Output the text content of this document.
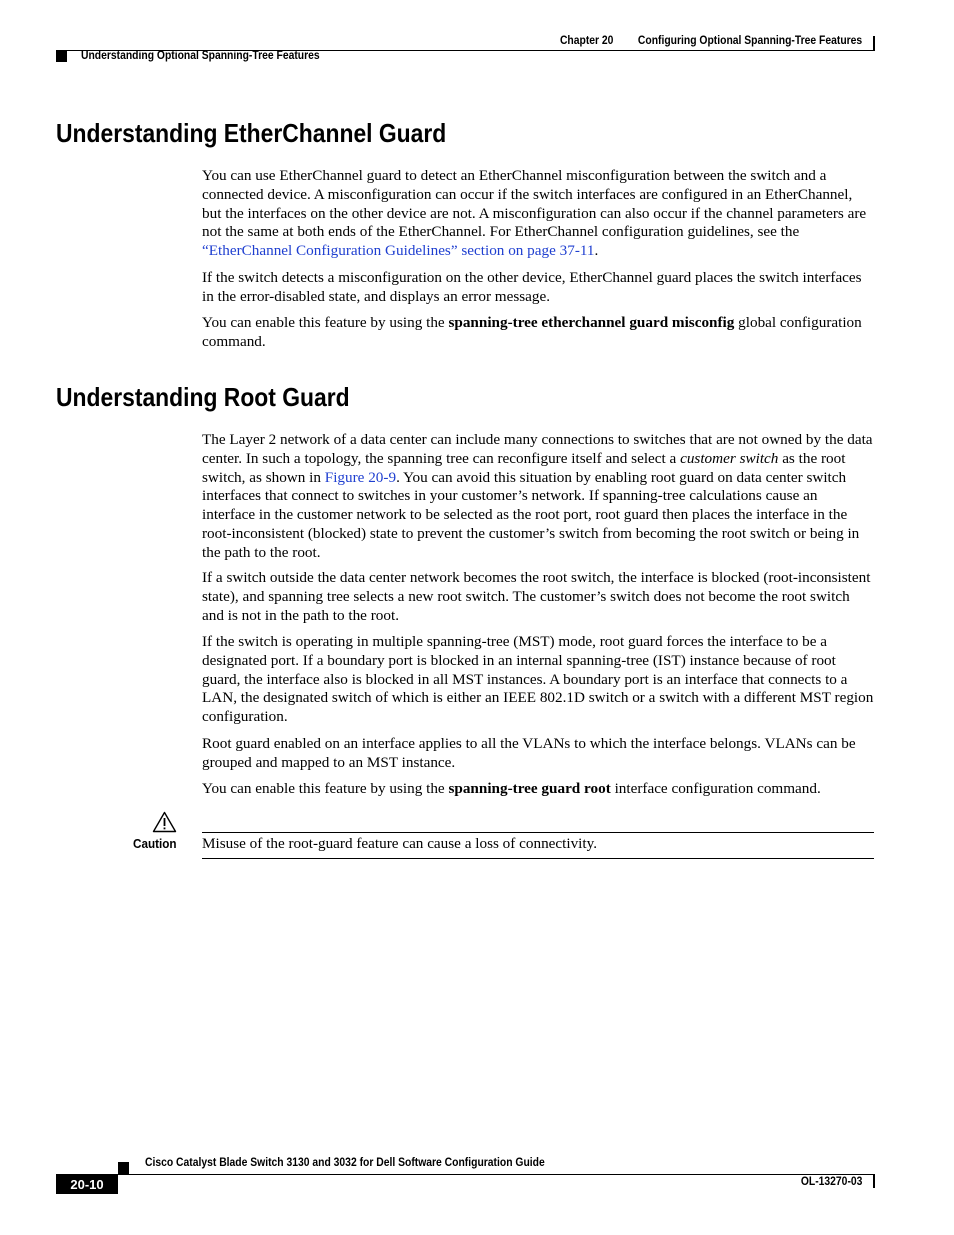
Chapter 20 Configuring Optional Spanning-Tree Features
Understanding Optional Spanning-Tree Features
Understanding EtherChannel Guard

You can use EtherChannel guard to detect an EtherChannel misconfiguration between the switch and a connected device. A misconfiguration can occur if the switch interfaces are configured in an EtherChannel, but the interfaces on the other device are not. A misconfiguration can also occur if the channel parameters are not the same at both ends of the EtherChannel. For EtherChannel configuration guidelines, see the “EtherChannel Configuration Guidelines” section on page 37-11.

If the switch detects a misconfiguration on the other device, EtherChannel guard places the switch interfaces in the error-disabled state, and displays an error message.

You can enable this feature by using the spanning-tree etherchannel guard misconfig global configuration command.

Understanding Root Guard

The Layer 2 network of a data center can include many connections to switches that are not owned by the data center. In such a topology, the spanning tree can reconfigure itself and select a customer switch as the root switch, as shown in Figure 20-9. You can avoid this situation by enabling root guard on data center switch interfaces that connect to switches in your customer’s network. If spanning-tree calculations cause an interface in the customer network to be selected as the root port, root guard then places the interface in the root-inconsistent (blocked) state to prevent the customer’s switch from becoming the root switch or being in the path to the root.

If a switch outside the data center network becomes the root switch, the interface is blocked (root-inconsistent state), and spanning tree selects a new root switch. The customer’s switch does not become the root switch and is not in the path to the root.

If the switch is operating in multiple spanning-tree (MST) mode, root guard forces the interface to be a designated port. If a boundary port is blocked in an internal spanning-tree (IST) instance because of root guard, the interface also is blocked in all MST instances. A boundary port is an interface that connects to a LAN, the designated switch of which is either an IEEE 802.1D switch or a switch with a different MST region configuration.

Root guard enabled on an interface applies to all the VLANs to which the interface belongs. VLANs can be grouped and mapped to an MST instance.

You can enable this feature by using the spanning-tree guard root interface configuration command.

Caution Misuse of the root-guard feature can cause a loss of connectivity.

Cisco Catalyst Blade Switch 3130 and 3032 for Dell Software Configuration Guide
20-10	OL-13270-03
